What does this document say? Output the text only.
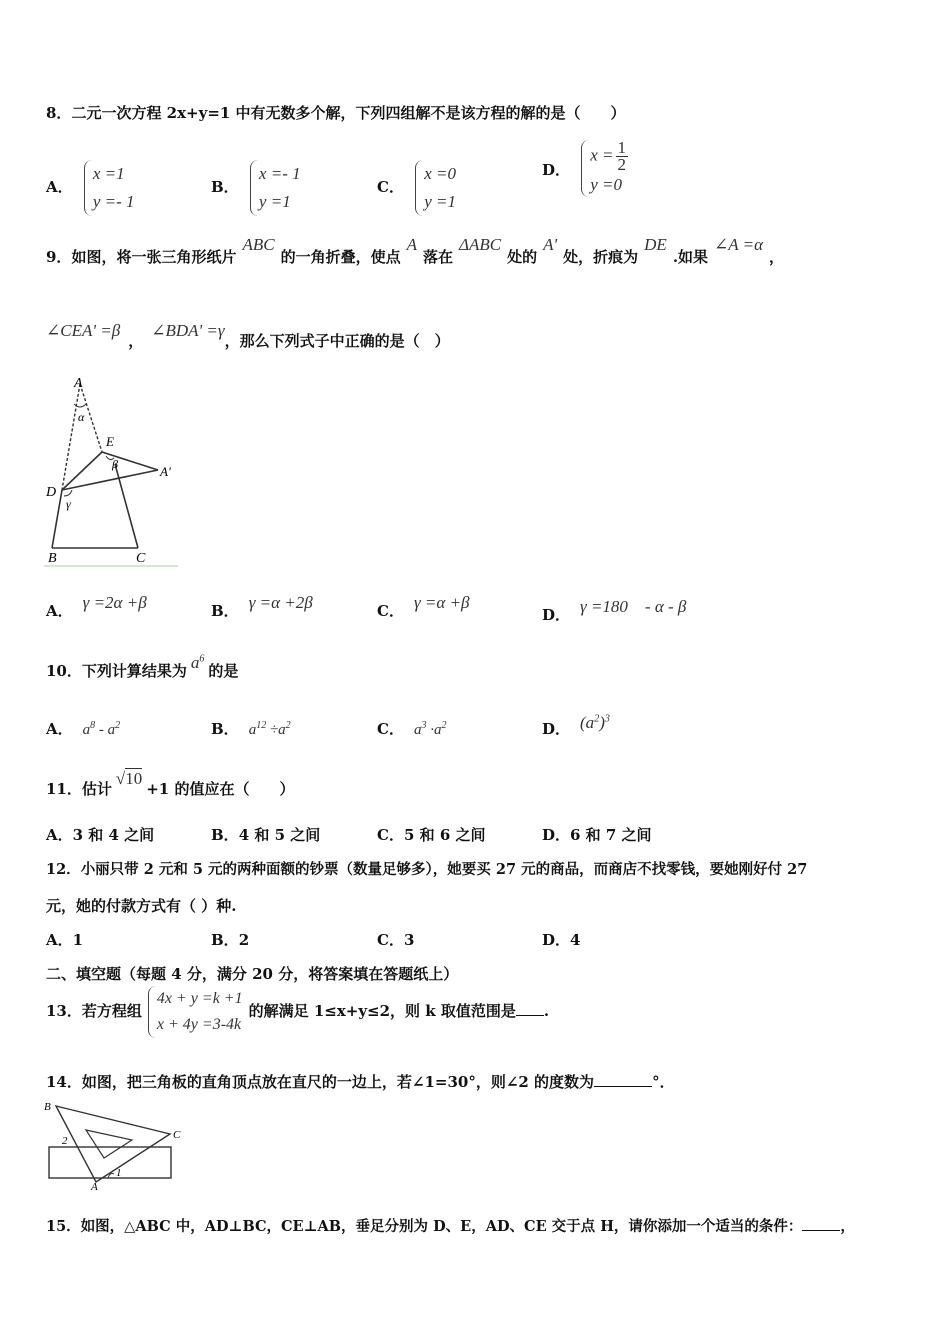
8．二元一次方程 2x+y=1 中有无数多个解，下列四组解不是该方程的解的是（　　）
A． x =1
y =- 1
B． x =- 1
y =1
C． x =0
y =1
D． $x = \frac{1}{2}$

y =0
9．如图，将一张三角形纸片ABC的一角折叠，使点A落在ΔABC处的A'处，折痕为DE.如果∠A =α，
∠CEA' =β，∠BDA' =γ，那么下列式子中正确的是（　）
A
α
E
β	A'
D
γ
B	C
A． γ =2α +β	B． γ =α +2β	C． γ =α +β
D． γ =180　- α - β
10．下列计算结果为 $a^6$的是
A． $a^8 - a^2$	B． $a^{12} \div a^2$	C． $a^3 \cdot a^2$	D． $(a^2)^3$
11．估计√10+1 的值应在（　　）
A．3 和 4 之间	B．4 和 5 之间	C．5 和 6 之间	D．6 和 7 之间
12．小丽只带 2 元和 5 元的两种面额的钞票（数量足够多），她要买 27 元的商品，而商店不找零钱，要她刚好付 27
元，她的付款方式有（ ）种.
A．1	B．2	C．3	D．4
二、填空题（每题 4 分，满分 20 分，将答案填在答题纸上）
13．若方程组4x + y =k +1
x + 4y =3-4k的解满足 1≤x+y≤2，则 k 取值范围是 .
14．如图，把三角板的直角顶点放在直尺的一边上，若∠1=30°，则∠2 的度数为	°．
B
C
A
1
2
15．如图，△ABC 中，AD⊥BC，CE⊥AB，垂足分别为 D、E，AD、CE 交于点 H，请你添加一个适当的条件：	，
